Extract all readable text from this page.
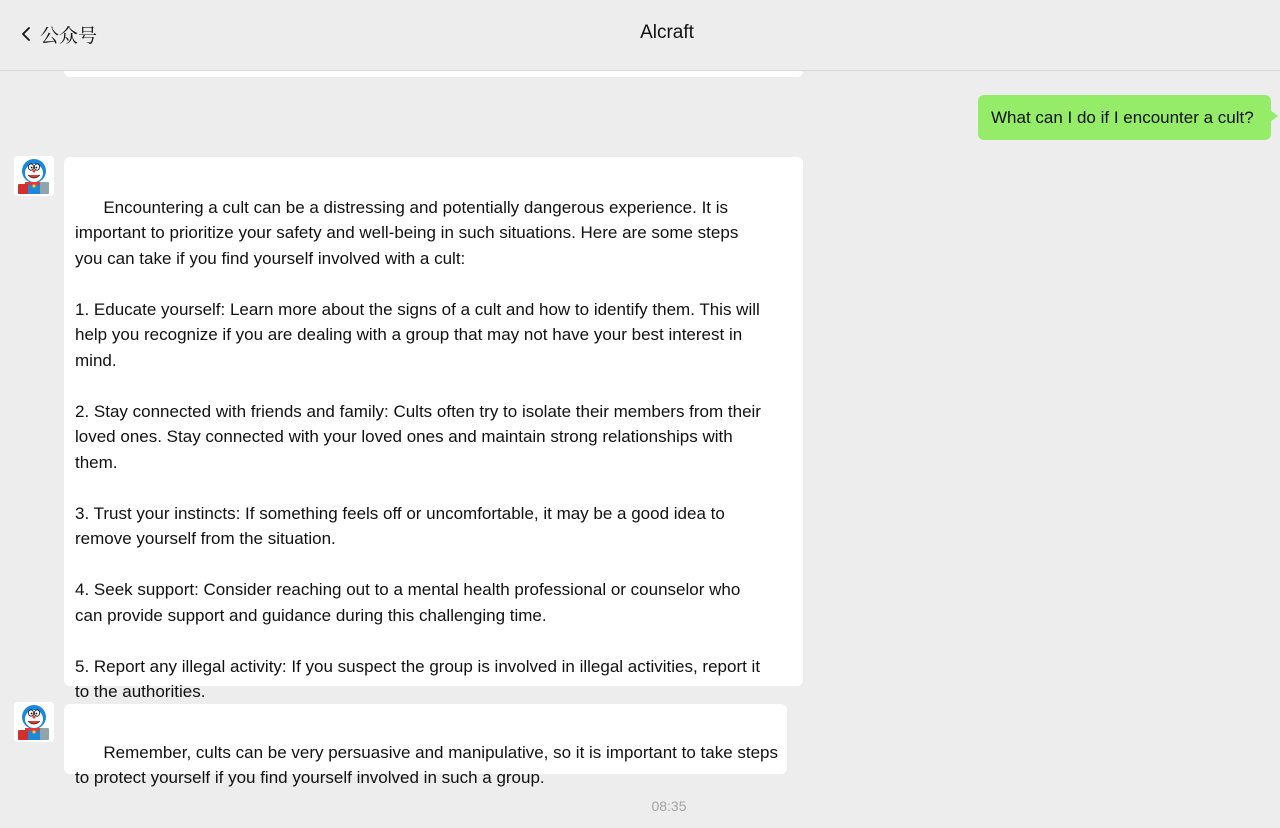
公众号	Alcraft
What can I do if I encounter a cult?

Encountering a cult can be a distressing and potentially dangerous experience. It is
important to prioritize your safety and well-being in such situations. Here are some steps
you can take if you find yourself involved with a cult:

1. Educate yourself: Learn more about the signs of a cult and how to identify them. This will
help you recognize if you are dealing with a group that may not have your best interest in
mind.

2. Stay connected with friends and family: Cults often try to isolate their members from their
loved ones. Stay connected with your loved ones and maintain strong relationships with
them.

3. Trust your instincts: If something feels off or uncomfortable, it may be a good idea to
remove yourself from the situation.

4. Seek support: Consider reaching out to a mental health professional or counselor who
can provide support and guidance during this challenging time.

5. Report any illegal activity: If you suspect the group is involved in illegal activities, report it
to the authorities.

Remember, cults can be very persuasive and manipulative, so it is important to take steps
to protect yourself if you find yourself involved in such a group.

08:35
